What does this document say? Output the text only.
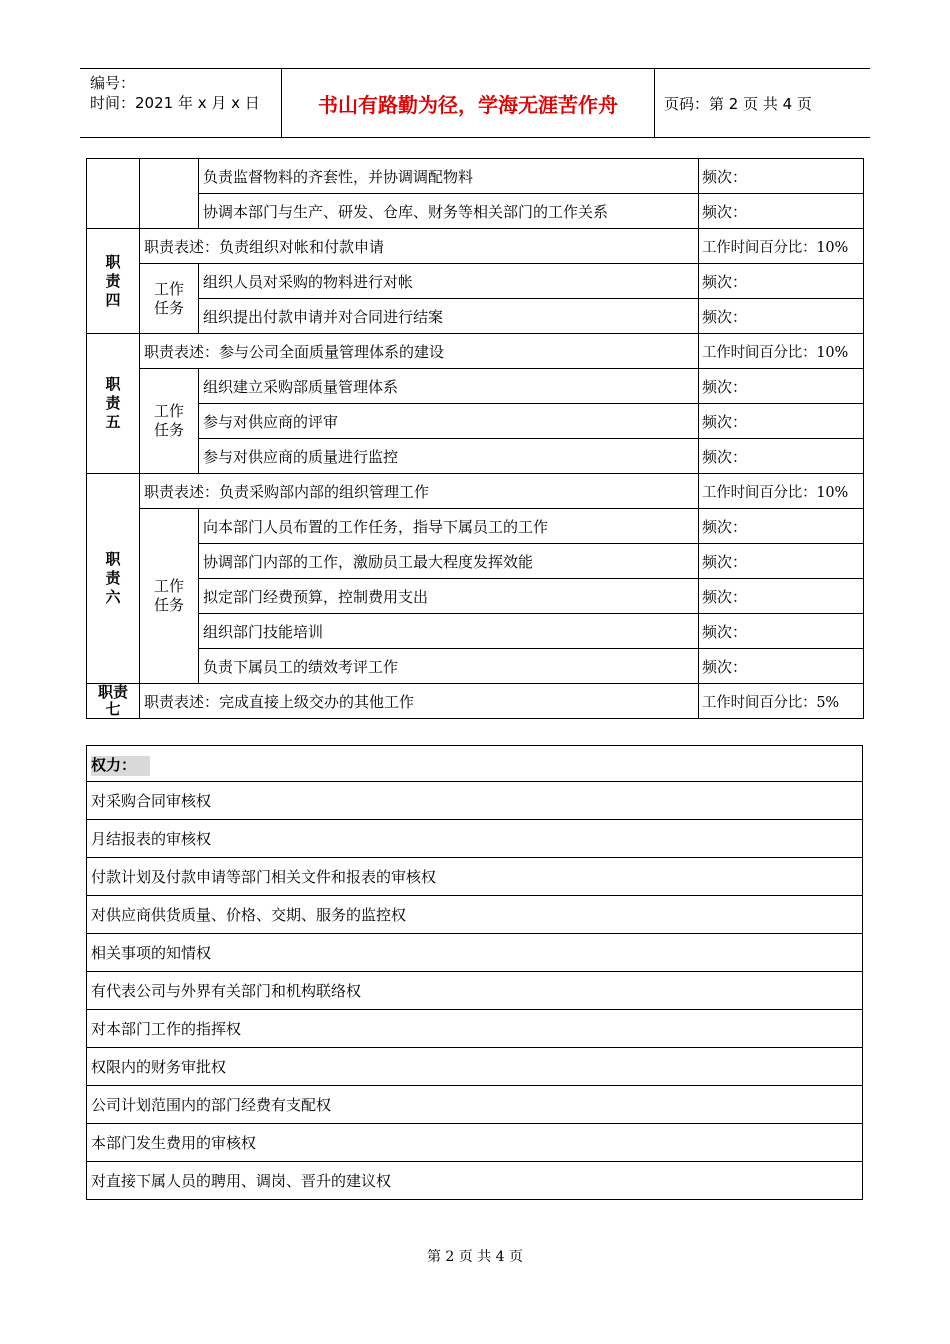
编号：
时间：2021 年 x 月 x 日	书山有路勤为径，学海无涯苦作舟	页码：第 2 页 共 4 页
		负责监督物料的齐套性，并协调调配物料	频次：
		协调本部门与生产、研发、仓库、财务等相关部门的工作关系	频次：

职
责
四	职责表述：负责组织对帐和付款申请		工作时间百分比：10%

	工作
任务	组织人员对采购的物料进行对帐	频次：
		组织提出付款申请并对合同进行结案	频次：

职
责
五	职责表述：参与公司全面质量管理体系的建设		工作时间百分比：10%

	工作
任务	组织建立采购部质量管理体系	频次：
		参与对供应商的评审	频次：
		参与对供应商的质量进行监控	频次：

职
责
六	职责表述：负责采购部内部的组织管理工作		工作时间百分比：10%

	工作
任务	向本部门人员布置的工作任务，指导下属员工的工作	频次：
		协调部门内部的工作，激励员工最大程度发挥效能	频次：
		拟定部门经费预算，控制费用支出	频次：
		组织部门技能培训	频次：
		负责下属员工的绩效考评工作	频次：

职责
七	职责表述：完成直接上级交办的其他工作		工作时间百分比：5%
权力：
对采购合同审核权
月结报表的审核权
付款计划及付款申请等部门相关文件和报表的审核权
对供应商供货质量、价格、交期、服务的监控权
相关事项的知情权
有代表公司与外界有关部门和机构联络权
对本部门工作的指挥权
权限内的财务审批权
公司计划范围内的部门经费有支配权
本部门发生费用的审核权
对直接下属人员的聘用、调岗、晋升的建议权
第 2 页 共 4 页
